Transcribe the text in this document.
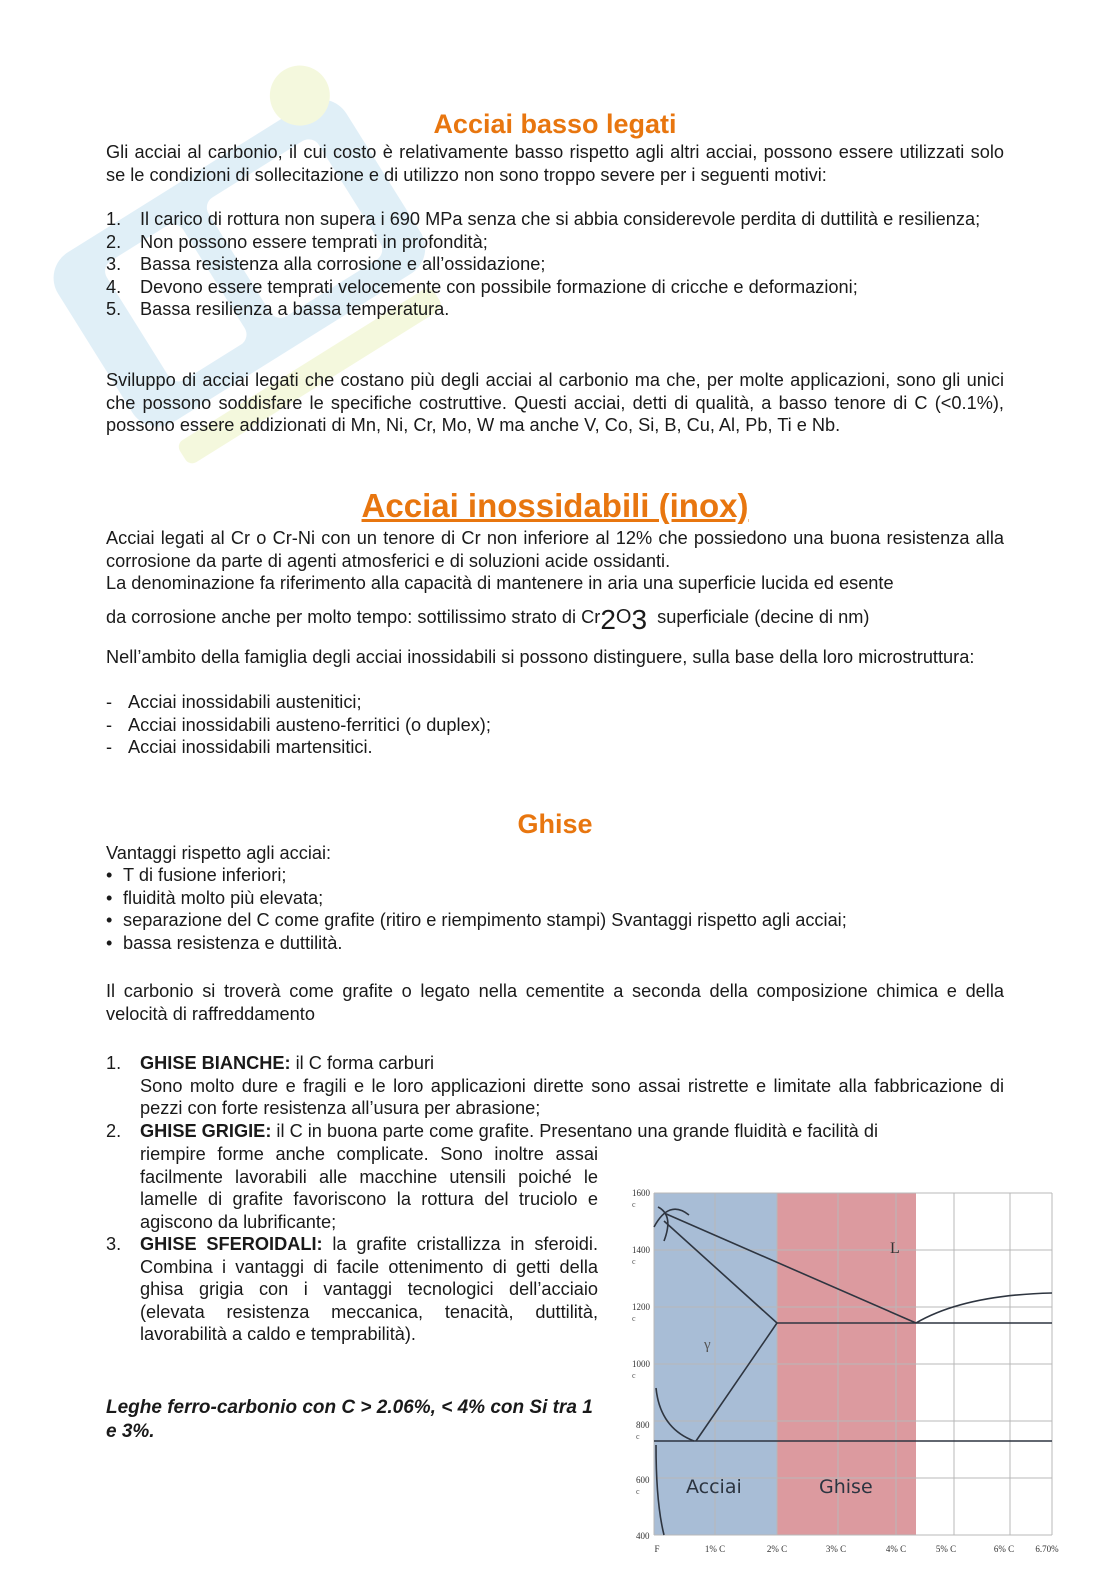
Acciai basso legati
Gli acciai al carbonio, il cui costo è relativamente basso rispetto agli altri acciai, possono essere utilizzati solo se le condizioni di sollecitazione e di utilizzo non sono troppo severe per i seguenti motivi:
1. Il carico di rottura non supera i 690 MPa senza che si abbia considerevole perdita di duttilità e resilienza;
2. Non possono essere temprati in profondità;
3. Bassa resistenza alla corrosione e all’ossidazione;
4. Devono essere temprati velocemente con possibile formazione di cricche e deformazioni;
5. Bassa resilienza a bassa temperatura.
Sviluppo di acciai legati che costano più degli acciai al carbonio ma che, per molte applicazioni, sono gli unici che possono soddisfare le specifiche costruttive. Questi acciai, detti di qualità, a basso tenore di C (<0.1%), possono essere addizionati di Mn, Ni, Cr, Mo, W ma anche V, Co, Si, B, Cu, Al, Pb, Ti e Nb.
Acciai inossidabili (inox)
Acciai legati al Cr o Cr-Ni con un tenore di Cr non inferiore al 12% che possiedono una buona resistenza alla corrosione da parte di agenti atmosferici e di soluzioni acide ossidanti.
La denominazione fa riferimento alla capacità di mantenere in aria una superficie lucida ed esente
da corrosione anche per molto tempo: sottilissimo strato di Cr2O3 superficiale (decine di nm)
Nell’ambito della famiglia degli acciai inossidabili si possono distinguere, sulla base della loro microstruttura:
- Acciai inossidabili austenitici;
- Acciai inossidabili austeno-ferritici (o duplex);
- Acciai inossidabili martensitici.
Ghise
Vantaggi rispetto agli acciai:
• T di fusione inferiori;
• fluidità molto più elevata;
• separazione del C come grafite (ritiro e riempimento stampi) Svantaggi rispetto agli acciai;
• bassa resistenza e duttilità.
Il carbonio si troverà come grafite o legato nella cementite a seconda della composizione chimica e della velocità di raffreddamento
1. GHISE BIANCHE: il C forma carburi
Sono molto dure e fragili e le loro applicazioni dirette sono assai ristrette e limitate alla fabbricazione di pezzi con forte resistenza all’usura per abrasione;
2. GHISE GRIGIE: il C in buona parte come grafite. Presentano una grande fluidità e facilità di
riempire forme anche complicate. Sono inoltre assai facilmente lavorabili alle macchine utensili poiché le lamelle di grafite favoriscono la rottura del truciolo e agiscono da lubrificante;
3. GHISE SFEROIDALI: la grafite cristallizza in sferoidi. Combina i vantaggi di facile ottenimento di getti della ghisa grigia con i vantaggi tecnologici dell’acciaio (elevata resistenza meccanica, tenacità, duttilità, lavorabilità a caldo e temprabilità).
Leghe ferro-carbonio con C > 2.06%, < 4% con Si tra 1 e 3%.
1600
1400
1200
1000
800
600
400
c
c
c
c
c
c
F	1% C	2% C	3% C	4% C	5% C	6% C 6.70%
L
γ
Acciai	Ghise
